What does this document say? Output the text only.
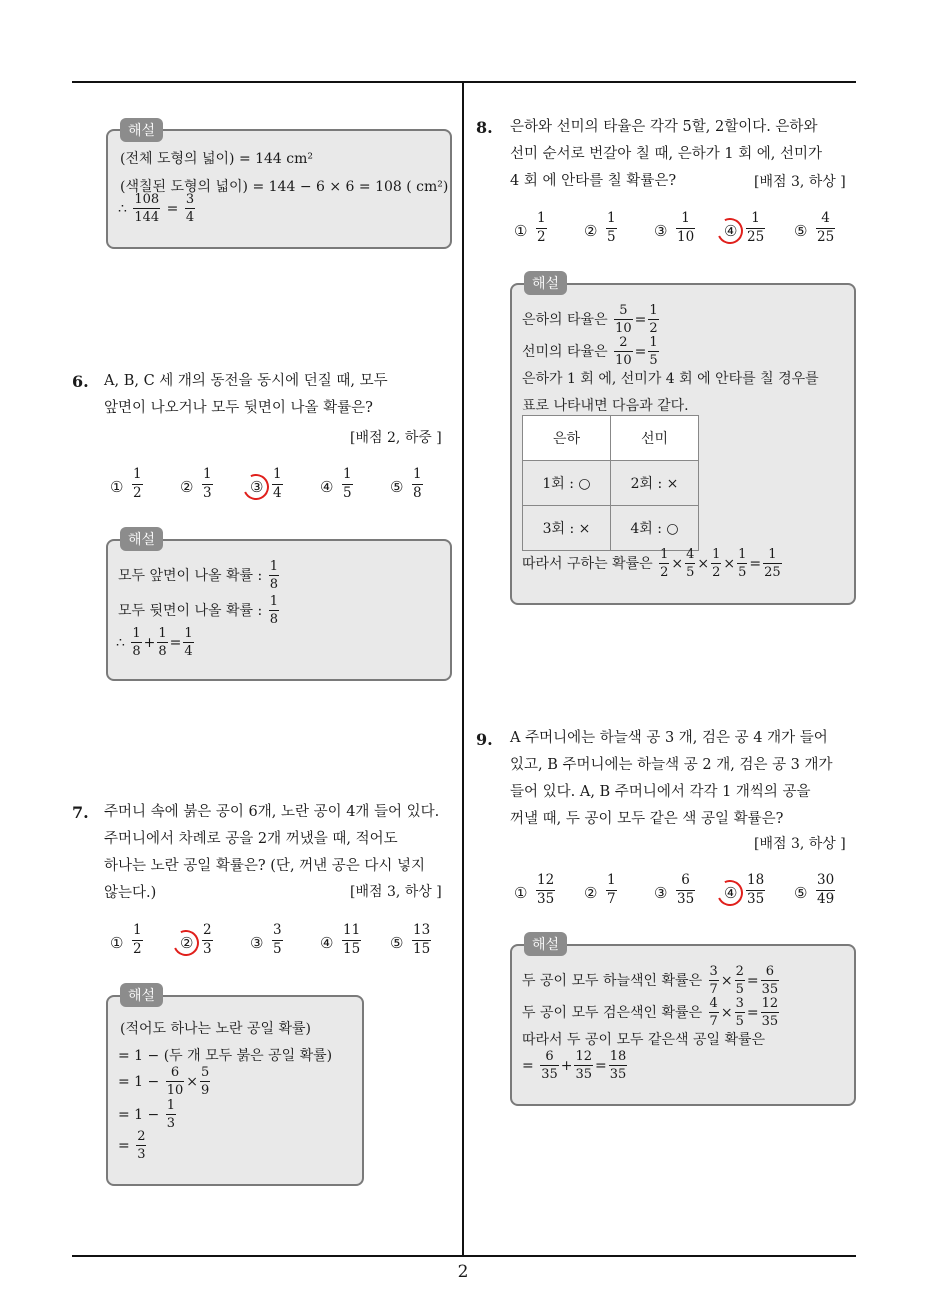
2
해설
(전체 도형의 넓이) = 144 cm²
(색칠된 도형의 넓이) = 144 − 6 × 6 = 108 ( cm²)
∴
$\frac{108}{144}$
=
$\frac{3}{4}$
6. A, B, C 세 개의 동전을 동시에 던질 때, 모두
앞면이 나오거나 모두 뒷면이 나올 확률은?
[배점 2, 하중 ]
① $\frac{1}{2}$ ② $\frac{1}{3}$ ③ $\frac{1}{4}$ ④ $\frac{1}{5}$ ⑤ $\frac{1}{8}$
해설
모두 앞면이 나올 확률 :
$\frac{1}{8}$
모두 뒷면이 나올 확률 :
$\frac{1}{8}$
∴
$\frac{1}{8} + \frac{1}{8} = \frac{1}{4}$
7. 주머니 속에 붉은 공이 6개, 노란 공이 4개 들어 있다.
주머니에서 차례로 공을 2개 꺼냈을 때, 적어도
하나는 노란 공일 확률은? (단, 꺼낸 공은 다시 넣지
않는다.)	[배점 3, 하상 ]
① $\frac{1}{2}$ ② $\frac{2}{3}$ ③ $\frac{3}{5}$ ④ $\frac{11}{15}$ ⑤ $\frac{13}{15}$
해설
(적어도 하나는 노란 공일 확률)
= 1 − (두 개 모두 붉은 공일 확률)
= 1 −
$\frac{6}{10} \times \frac{5}{9}$
= 1 −
$\frac{1}{3}$
=
$\frac{2}{3}$
8. 은하와 선미의 타율은 각각 5할, 2할이다. 은하와
선미 순서로 번갈아 칠 때, 은하가 1 회 에, 선미가
4 회 에 안타를 칠 확률은?	[배점 3, 하상 ]
① $\frac{1}{2}$ ② $\frac{1}{5}$ ③ $\frac{1}{10}$ ④ $\frac{1}{25}$ ⑤ $\frac{4}{25}$
해설
은하의 타율은
$\frac{5}{10} = \frac{1}{2}$
선미의 타율은
$\frac{2}{10} = \frac{1}{5}$
은하가 1 회 에, 선미가 4 회 에 안타를 칠 경우를
표로 나타내면 다음과 같다.
은하	선미
1회 : ○	2회 : ×
3회 : ×	4회 : ○
따라서 구하는 확률은
$\frac{1}{2} \times \frac{4}{5} \times \frac{1}{2} \times \frac{1}{5} = \frac{1}{25}$
9. A 주머니에는 하늘색 공 3 개, 검은 공 4 개가 들어
있고, B 주머니에는 하늘색 공 2 개, 검은 공 3 개가
들어 있다. A, B 주머니에서 각각 1 개씩의 공을
꺼낼 때, 두 공이 모두 같은 색 공일 확률은?
[배점 3, 하상 ]
① $\frac{12}{35}$ ② $\frac{1}{7}$ ③ $\frac{6}{35}$ ④ $\frac{18}{35}$ ⑤ $\frac{30}{49}$
해설
두 공이 모두 하늘색인 확률은
$\frac{3}{7} \times \frac{2}{5} = \frac{6}{35}$
두 공이 모두 검은색인 확률은
$\frac{4}{7} \times \frac{3}{5} = \frac{12}{35}$
따라서 두 공이 모두 같은색 공일 확률은
=
$\frac{6}{35} + \frac{12}{35} = \frac{18}{35}$
